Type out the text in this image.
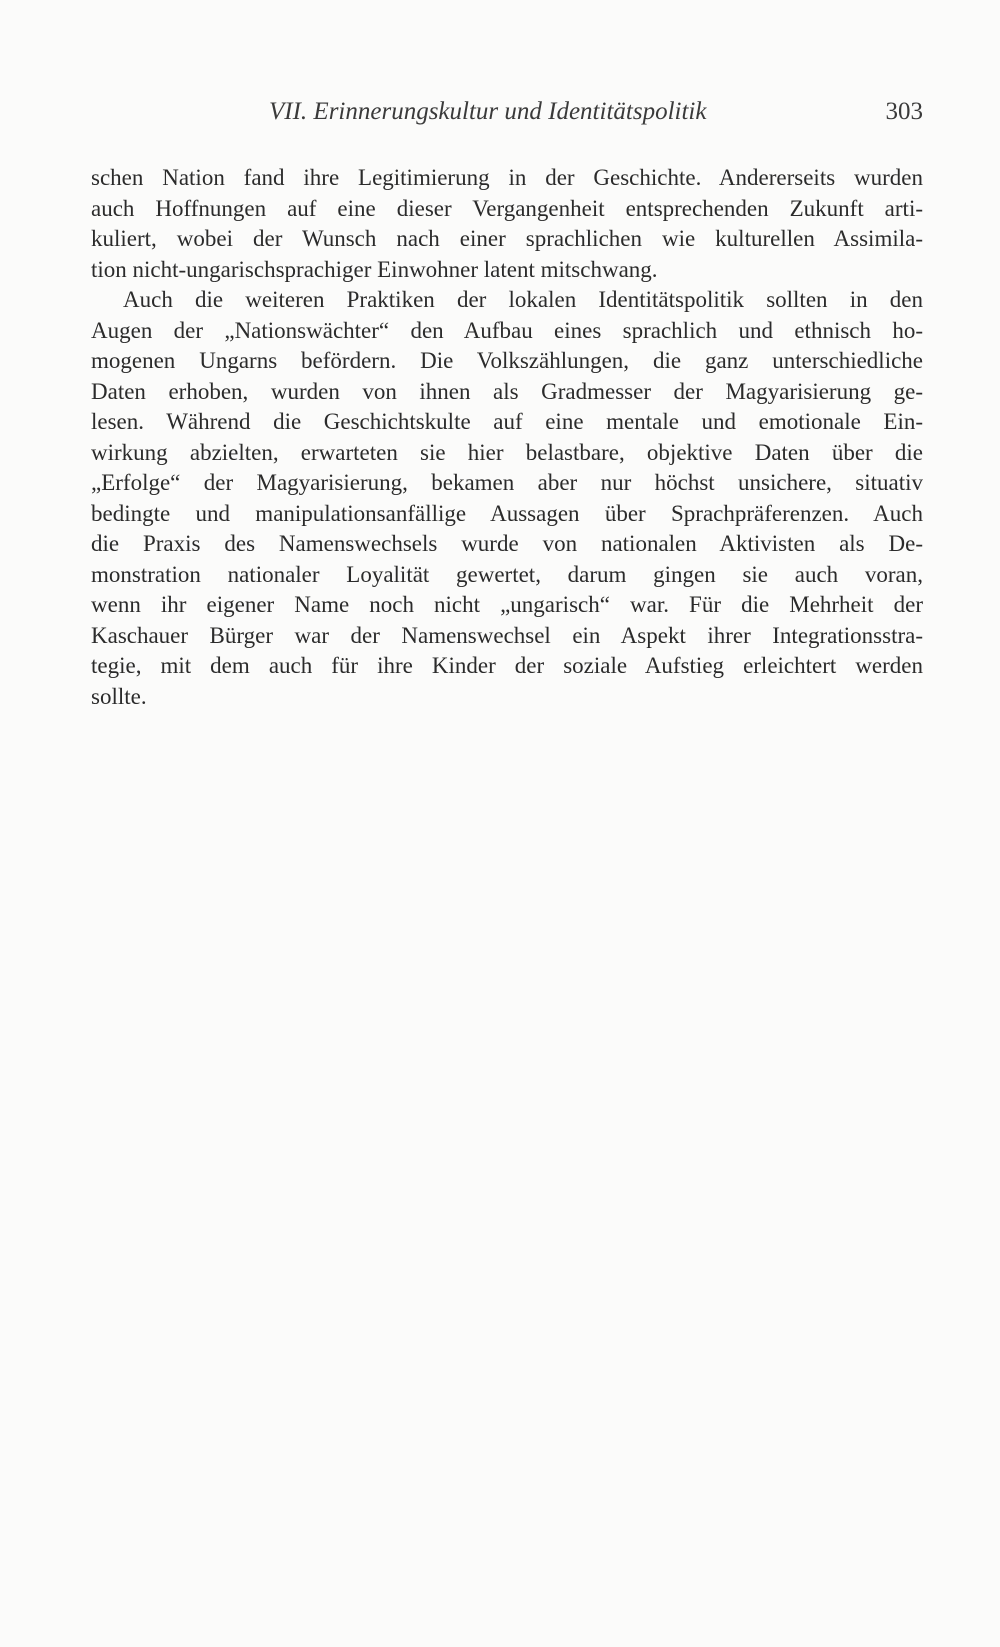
VII. Erinnerungskultur und Identitätspolitik	303
schen Nation fand ihre Legitimierung in der Geschichte. Andererseits wurden
auch Hoffnungen auf eine dieser Vergangenheit entsprechenden Zukunft arti-
kuliert, wobei der Wunsch nach einer sprachlichen wie kulturellen Assimila-
tion nicht-ungarischsprachiger Einwohner latent mitschwang.
Auch die weiteren Praktiken der lokalen Identitätspolitik sollten in den
Augen der „Nationswächter“ den Aufbau eines sprachlich und ethnisch ho-
mogenen Ungarns befördern. Die Volkszählungen, die ganz unterschiedliche
Daten erhoben, wurden von ihnen als Gradmesser der Magyarisierung ge-
lesen. Während die Geschichtskulte auf eine mentale und emotionale Ein-
wirkung abzielten, erwarteten sie hier belastbare, objektive Daten über die
„Erfolge“ der Magyarisierung, bekamen aber nur höchst unsichere, situativ
bedingte und manipulationsanfällige Aussagen über Sprachpräferenzen. Auch
die Praxis des Namenswechsels wurde von nationalen Aktivisten als De-
monstration nationaler Loyalität gewertet, darum gingen sie auch voran,
wenn ihr eigener Name noch nicht „ungarisch“ war. Für die Mehrheit der
Kaschauer Bürger war der Namenswechsel ein Aspekt ihrer Integrationsstra-
tegie, mit dem auch für ihre Kinder der soziale Aufstieg erleichtert werden
sollte.
